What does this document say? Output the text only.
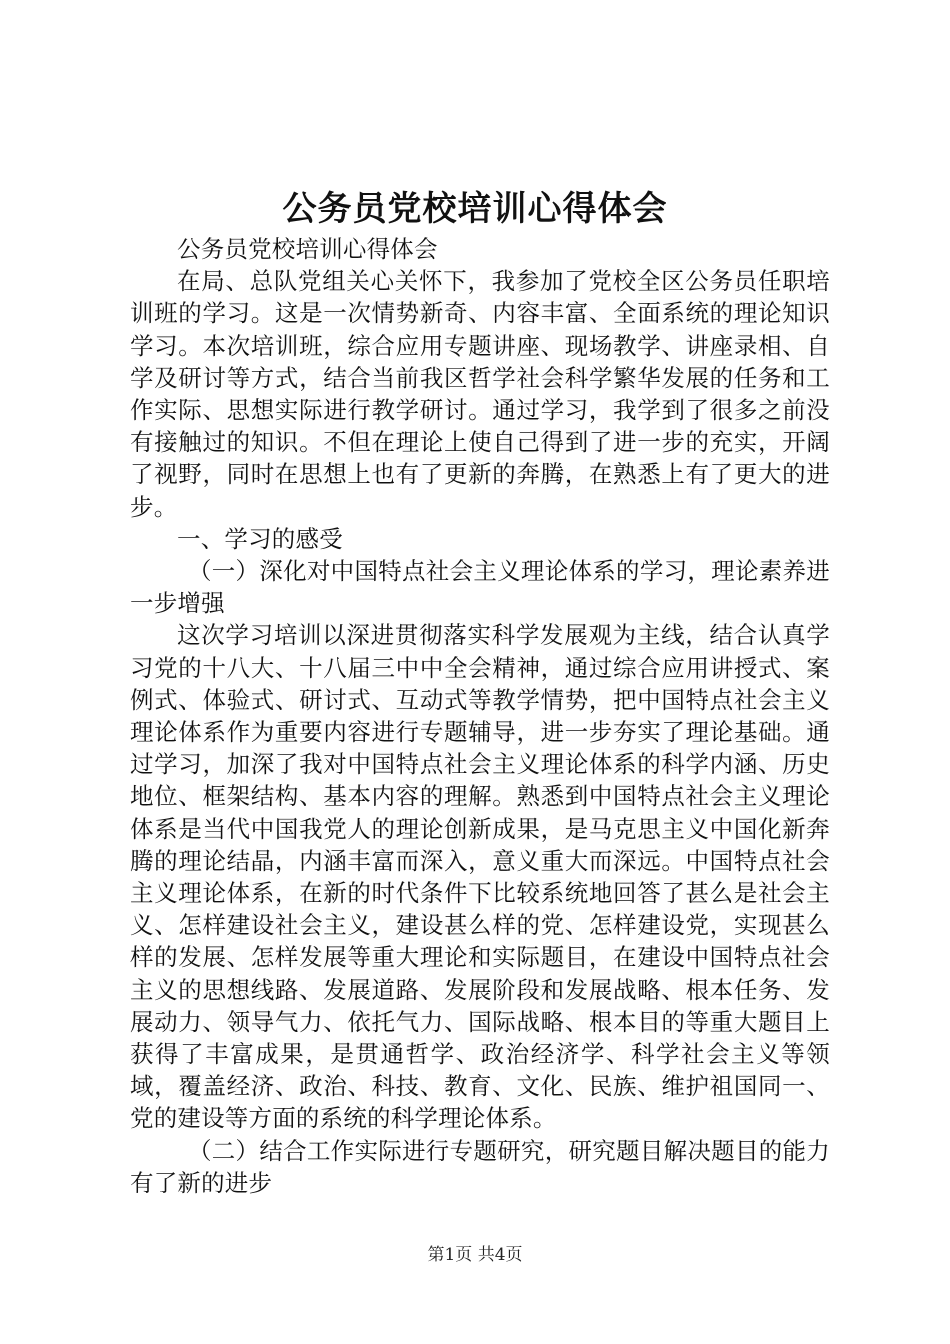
公务员党校培训心得体会

公务员党校培训心得体会

在局、总队党组关心关怀下，我参加了党校全区公务员任职培训班的学习。这是一次情势新奇、内容丰富、全面系统的理论知识学习。本次培训班，综合应用专题讲座、现场教学、讲座录相、自学及研讨等方式，结合当前我区哲学社会科学繁华发展的任务和工作实际、思想实际进行教学研讨。通过学习，我学到了很多之前没有接触过的知识。不但在理论上使自己得到了进一步的充实，开阔了视野，同时在思想上也有了更新的奔腾，在熟悉上有了更大的进步。

一、学习的感受

（一）深化对中国特点社会主义理论体系的学习，理论素养进一步增强

这次学习培训以深进贯彻落实科学发展观为主线，结合认真学习党的十八大、十八届三中中全会精神，通过综合应用讲授式、案例式、体验式、研讨式、互动式等教学情势，把中国特点社会主义理论体系作为重要内容进行专题辅导，进一步夯实了理论基础。通过学习，加深了我对中国特点社会主义理论体系的科学内涵、历史地位、框架结构、基本内容的理解。熟悉到中国特点社会主义理论体系是当代中国我党人的理论创新成果，是马克思主义中国化新奔腾的理论结晶，内涵丰富而深入，意义重大而深远。中国特点社会主义理论体系，在新的时代条件下比较系统地回答了甚么是社会主义、怎样建设社会主义，建设甚么样的党、怎样建设党，实现甚么样的发展、怎样发展等重大理论和实际题目，在建设中国特点社会主义的思想线路、发展道路、发展阶段和发展战略、根本任务、发展动力、领导气力、依托气力、国际战略、根本目的等重大题目上获得了丰富成果，是贯通哲学、政治经济学、科学社会主义等领域，覆盖经济、政治、科技、教育、文化、民族、维护祖国同一、党的建设等方面的系统的科学理论体系。

（二）结合工作实际进行专题研究，研究题目解决题目的能力有了新的进步

第1页 共4页
